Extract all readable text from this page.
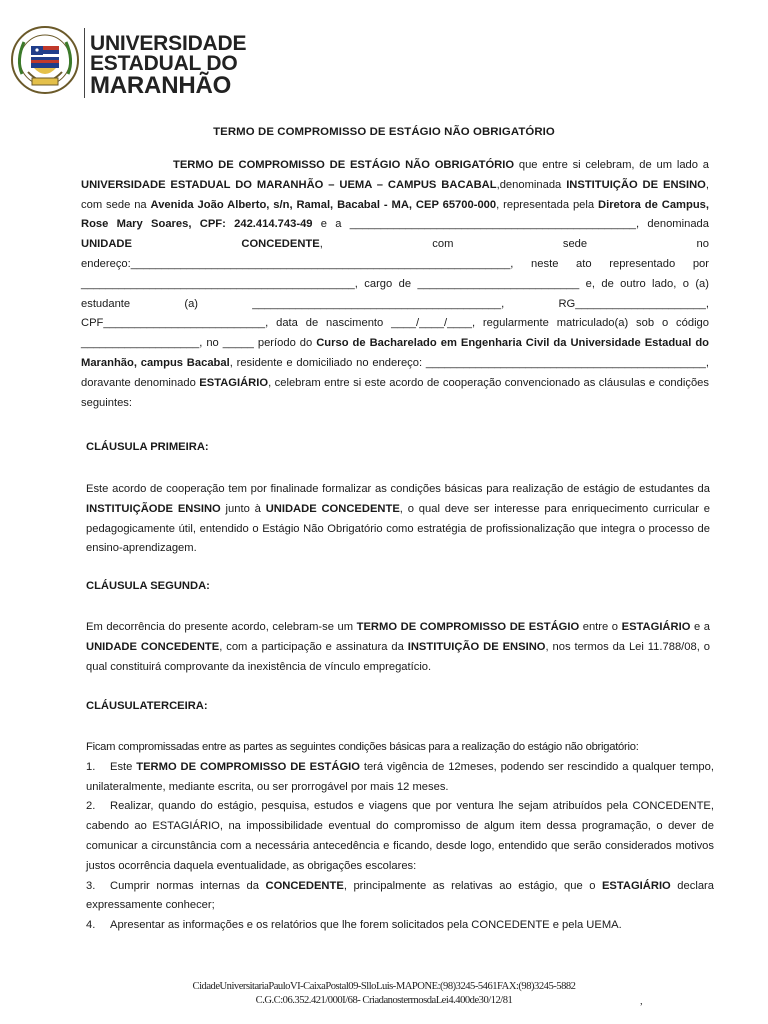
UNIVERSIDADE
ESTADUAL DO
MARANHÃO
TERMO DE COMPROMISSO DE ESTÁGIO NÃO OBRIGATÓRIO

TERMO DE COMPROMISSO DE ESTÁGIO NÃO OBRIGATÓRIO que entre si celebram, de um lado a UNIVERSIDADE ESTADUAL DO MARANHÃO – UEMA – CAMPUS BACABAL,denominada INSTITUIÇÃO DE ENSINO, com sede na Avenida João Alberto, s/n, Ramal, Bacabal - MA, CEP 65700-000, representada pela Diretora de Campus, Rose Mary Soares, CPF: 242.414.743-49 e a ______________________________________________, denominada UNIDADE CONCEDENTE, com sede no endereço:_____________________________________________________________, neste ato representado por ____________________________________________, cargo de __________________________ e, de outro lado, o (a) estudante (a) ________________________________________, RG_____________________, CPF__________________________, data de nascimento ____/____/____, regularmente matriculado(a) sob o código ___________________, no _____ período do Curso de Bacharelado em Engenharia Civil da Universidade Estadual do Maranhão, campus Bacabal, residente e domiciliado no endereço: _____________________________________________, doravante denominado ESTAGIÁRIO, celebram entre si este acordo de cooperação convencionado as cláusulas e condições seguintes:

CLÁUSULA PRIMEIRA:

Este acordo de cooperação tem por finalinade formalizar as condições básicas para realização de estágio de estudantes da INSTITUIÇÃODE ENSINO junto à UNIDADE CONCEDENTE, o qual deve ser interesse para enriquecimento curricular e pedagogicamente útil, entendido o Estágio Não Obrigatório como estratégia de profissionalização que integra o processo de ensino-aprendizagem.

CLÁUSULA SEGUNDA:

Em decorrência do presente acordo, celebram-se um TERMO DE COMPROMISSO DE ESTÁGIO entre o ESTAGIÁRIO e a UNIDADE CONCEDENTE, com a participação e assinatura da INSTITUIÇÃO DE ENSINO, nos termos da Lei 11.788/08, o qual constituirá comprovante da inexistência de vínculo empregatício.

CLÁUSULATERCEIRA:

Ficam compromissadas entre as partes as seguintes condições básicas para a realização do estágio não obrigatório:

1. Este TERMO DE COMPROMISSO DE ESTÁGIO terá vigência de 12meses, podendo ser rescindido a qualquer tempo, unilateralmente, mediante escrita, ou ser prorrogável por mais 12 meses.

2. Realizar, quando do estágio, pesquisa, estudos e viagens que por ventura lhe sejam atribuídos pela CONCEDENTE, cabendo ao ESTAGIÁRIO, na impossibilidade eventual do compromisso de algum item dessa programação, o dever de comunicar a circunstância com a necessária antecedência e ficando, desde logo, entendido que serão considerados motivos justos ocorrência daquela eventualidade, as obrigações escolares:

3. Cumprir normas internas da CONCEDENTE, principalmente as relativas ao estágio, que o ESTAGIÁRIO declara expressamente conhecer;

4. Apresentar as informações e os relatórios que lhe forem solicitados pela CONCEDENTE e pela UEMA.

CidadeUniversitariaPauloVI-CaixaPostal09-SlloLuis-MAPONE:(98)3245-5461FAX:(98)3245-5882
C.G.C:06.352.421/000I/68- CriadanostermosdaLei4.400de30/12/81	,
